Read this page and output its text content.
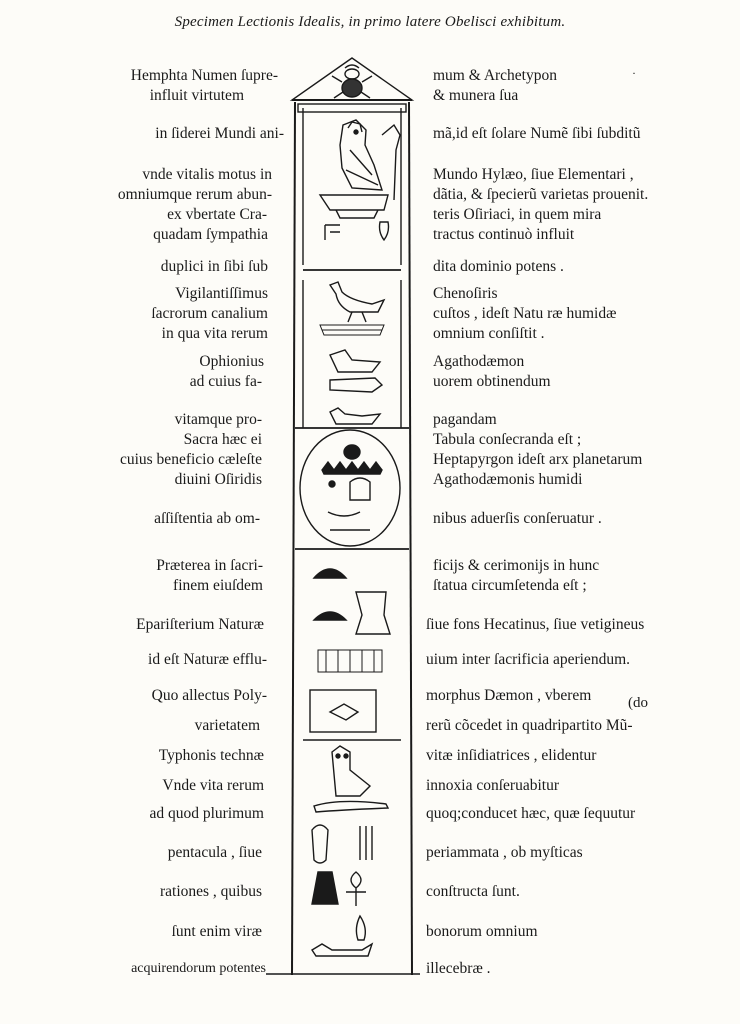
Specimen Lectionis Idealis, in primo latere Obelisci exhibitum.
·
(do
Hemphta Numen ſupre-
influit virtutem
in ſiderei Mundi ani-
vnde vitalis motus in
omniumque rerum abun-
ex vbertate Cra-
quadam ſympathia
duplici in ſibi ſub
Vigilantiſſimus
ſacrorum canalium
in qua vita rerum
Ophionius
ad cuius fa-
vitamque pro-
Sacra hæc ei
cuius beneficio cæleſte
diuini Oſiridis
aſſiſtentia ab om-
Præterea in ſacri-
finem eiuſdem
Epariſterium Naturæ
id eſt Naturæ efflu-
Quo allectus Poly-
varietatem
Typhonis technæ
Vnde vita rerum
ad quod plurimum
pentacula , ſiue
rationes , quibus
ſunt enim viræ
acquirendorum potentes
mum & Archetypon
& munera ſua
mã,id eſt ſolare Numẽ ſibi ſubditũ
Mundo Hylæo, ſiue Elementari ,
dãtia, & ſpecierũ varietas prouenit.
teris Oſiriaci, in quem mira
tractus continuò influit
dita dominio potens .
Chenoſiris
cuſtos , ideſt Natu ræ humidæ
omnium conſiſtit .
Agathodæmon
uorem obtinendum
pagandam
Tabula conſecranda eſt ;
Heptapyrgon ideſt arx planetarum
Agathodæmonis humidi
nibus aduerſis conſeruatur .
ficijs & cerimonijs in hunc
ſtatua circumſetenda eſt ;
ſiue fons Hecatinus, ſiue vetigineus
uium inter ſacrificia aperiendum.
morphus Dæmon , vberem
rerũ cõcedet in quadripartito Mũ-
vitæ inſidiatrices , elidentur
innoxia conſeruabitur
quoq;conducet hæc, quæ ſequutur
periammata , ob myſticas
conſtructa ſunt.
bonorum omnium
illecebræ .
